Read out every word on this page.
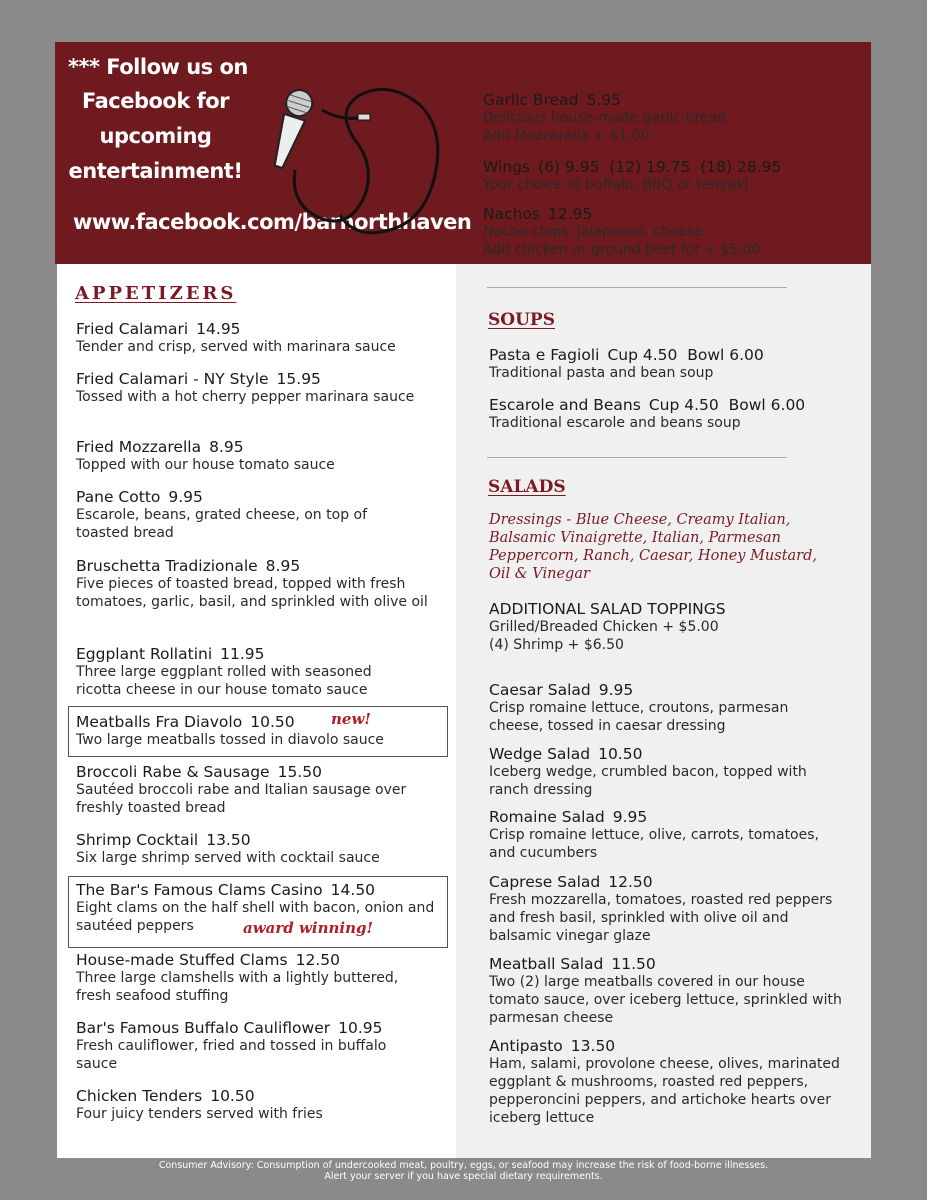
*** Follow us on
Facebook for
upcoming
entertainment!
www.facebook.com/barnorthhaven
APPETIZERS
Fried Calamari 14.95
Tender and crisp, served with marinara sauce
Fried Calamari - NY Style 15.95
Tossed with a hot cherry pepper marinara sauce
Fried Mozzarella 8.95
Topped with our house tomato sauce
Pane Cotto 9.95
Escarole, beans, grated cheese, on top of toasted bread
Bruschetta Tradizionale 8.95
Five pieces of toasted bread, topped with fresh tomatoes, garlic, basil, and sprinkled with olive oil
Eggplant Rollatini 11.95
Three large eggplant rolled with seasoned ricotta cheese in our house tomato sauce
Meatballs Fra Diavolo 10.50
Two large meatballs tossed in diavolo sauce
new!
Broccoli Rabe & Sausage 15.50
Sautéed broccoli rabe and Italian sausage over freshly toasted bread
Shrimp Cocktail 13.50
Six large shrimp served with cocktail sauce
The Bar's Famous Clams Casino 14.50
Eight clams on the half shell with bacon, onion and sautéed peppers	award winning!
House-made Stuffed Clams 12.50
Three large clamshells with a lightly buttered, fresh seafood stuffing
Bar's Famous Buffalo Cauliflower 10.95
Fresh cauliflower, fried and tossed in buffalo sauce
Chicken Tenders 10.50
Four juicy tenders served with fries
Garlic Bread 5.95
Delicious house-made garlic bread
Add Mozzarella + $1.00
Wings (6) 9.95  (12) 19.75  (18) 28.95
Your choice of buffalo, BBQ or teriyaki
Nachos 12.95
Nacho chips, jalapenos, cheese
Add chicken or ground beef for + $5.00
SOUPS
Pasta e Fagioli Cup 4.50  Bowl 6.00
Traditional pasta and bean soup
Escarole and Beans Cup 4.50  Bowl 6.00
Traditional escarole and beans soup
SALADS
Dressings - Blue Cheese, Creamy Italian, Balsamic Vinaigrette, Italian, Parmesan Peppercorn, Ranch, Caesar, Honey Mustard, Oil & Vinegar
ADDITIONAL SALAD TOPPINGS
Grilled/Breaded Chicken + $5.00
(4) Shrimp + $6.50
Caesar Salad 9.95
Crisp romaine lettuce, croutons, parmesan cheese, tossed in caesar dressing
Wedge Salad 10.50
Iceberg wedge, crumbled bacon, topped with ranch dressing
Romaine Salad 9.95
Crisp romaine lettuce, olive, carrots, tomatoes, and cucumbers
Caprese Salad 12.50
Fresh mozzarella, tomatoes, roasted red peppers and fresh basil, sprinkled with olive oil and balsamic vinegar glaze
Meatball Salad 11.50
Two (2) large meatballs covered in our house tomato sauce, over iceberg lettuce, sprinkled with parmesan cheese
Antipasto 13.50
Ham, salami, provolone cheese, olives, marinated eggplant & mushrooms, roasted red peppers, pepperoncini peppers, and artichoke hearts over iceberg lettuce
Consumer Advisory: Consumption of undercooked meat, poultry, eggs, or seafood may increase the risk of food-borne illnesses.
Alert your server if you have special dietary requirements.
